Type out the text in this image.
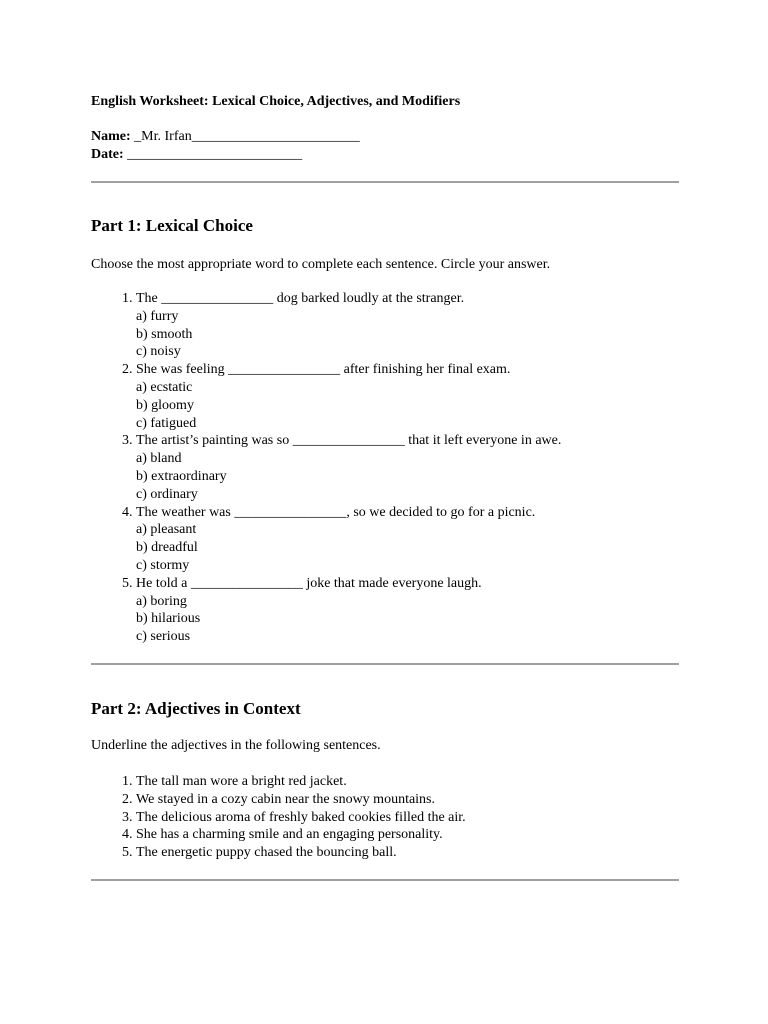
English Worksheet: Lexical Choice, Adjectives, and Modifiers

Name: _Mr. Irfan________________________

Date: _________________________

Part 1: Lexical Choice

Choose the most appropriate word to complete each sentence. Circle your answer.

1. The ________________ dog barked loudly at the stranger.
a) furry
b) smooth
c) noisy
2. She was feeling ________________ after finishing her final exam.
a) ecstatic
b) gloomy
c) fatigued
3. The artist’s painting was so ________________ that it left everyone in awe.
a) bland
b) extraordinary
c) ordinary
4. The weather was ________________, so we decided to go for a picnic.
a) pleasant
b) dreadful
c) stormy
5. He told a ________________ joke that made everyone laugh.
a) boring
b) hilarious
c) serious
Part 2: Adjectives in Context

Underline the adjectives in the following sentences.

1. The tall man wore a bright red jacket.
2. We stayed in a cozy cabin near the snowy mountains.
3. The delicious aroma of freshly baked cookies filled the air.
4. She has a charming smile and an engaging personality.
5. The energetic puppy chased the bouncing ball.
